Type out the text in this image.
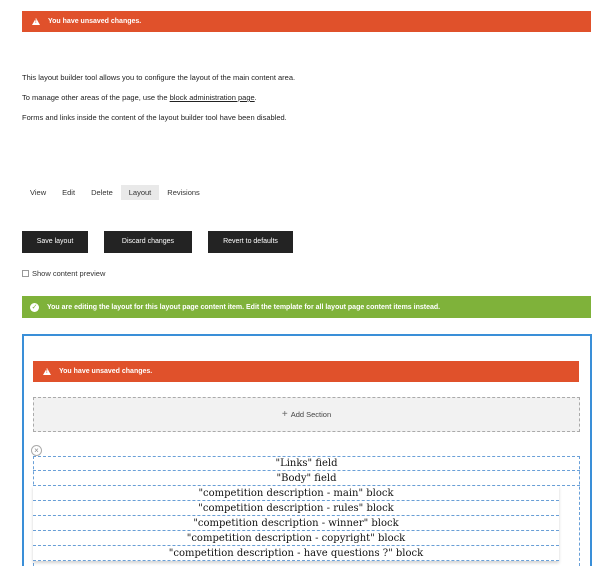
!
You have unsaved changes.
This layout builder tool allows you to configure the layout of the main content area.
To manage other areas of the page, use the block administration page.
Forms and links inside the content of the layout builder tool have been disabled.
View	Edit	Delete	Layout	Revisions
Save layout	Discard changes	Revert to defaults
Show content preview
✓ You are editing the layout for this layout page content item. Edit the template for all layout page content items instead.
!
You have unsaved changes.
+ Add Section
×
"Links" field
"Body" field
"competition description - main" block
"competition description - rules" block
"competition description - winner" block
"competition description - copyright" block
"competition description - have questions ?" block
